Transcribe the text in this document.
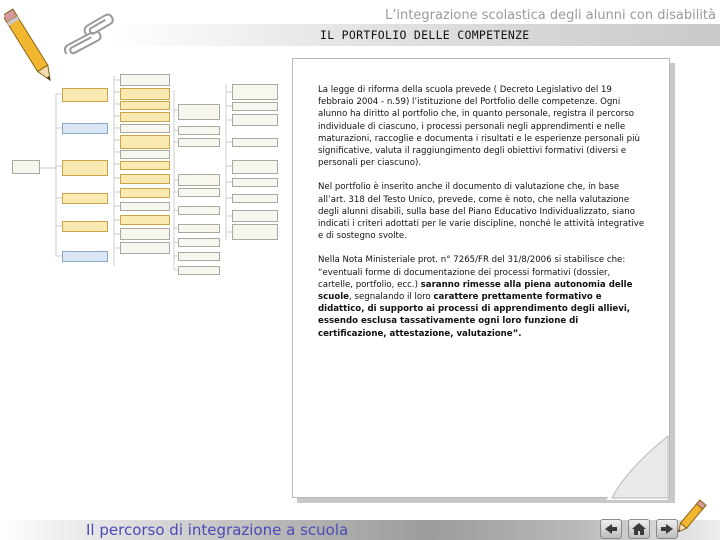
L’integrazione scolastica degli alunni con disabilità
IL PORTFOLIO DELLE COMPETENZE

La legge di riforma della scuola prevede ( Decreto Legislativo del 19 febbraio 2004 - n.59) l’istituzione del Portfolio delle competenze. Ogni alunno ha diritto al portfolio che, in quanto personale, registra il percorso individuale di ciascuno, i processi personali negli apprendimenti e nelle maturazioni, raccoglie e documenta i risultati e le esperienze personali più significative, valuta il raggiungimento degli obiettivi formativi (diversi e personali per ciascuno).

Nel portfolio è inserito anche il documento di valutazione che, in base all’art. 318 del Testo Unico, prevede, come è noto, che nella valutazione degli alunni disabili, sulla base del Piano Educativo Individualizzato, siano indicati i criteri adottati per le varie discipline, nonché le attività integrative e di sostegno svolte.

Nella Nota Ministeriale prot. n° 7265/FR del 31/8/2006 si stabilisce che: “eventuali forme di documentazione dei processi formativi (dossier, cartelle, portfolio, ecc.) saranno rimesse alla piena autonomia delle scuole, segnalando il loro carattere prettamente formativo e didattico, di supporto ai processi di apprendimento degli allievi, essendo esclusa tassativamente ogni loro funzione di certificazione, attestazione, valutazione”.

Il percorso di integrazione a scuola
